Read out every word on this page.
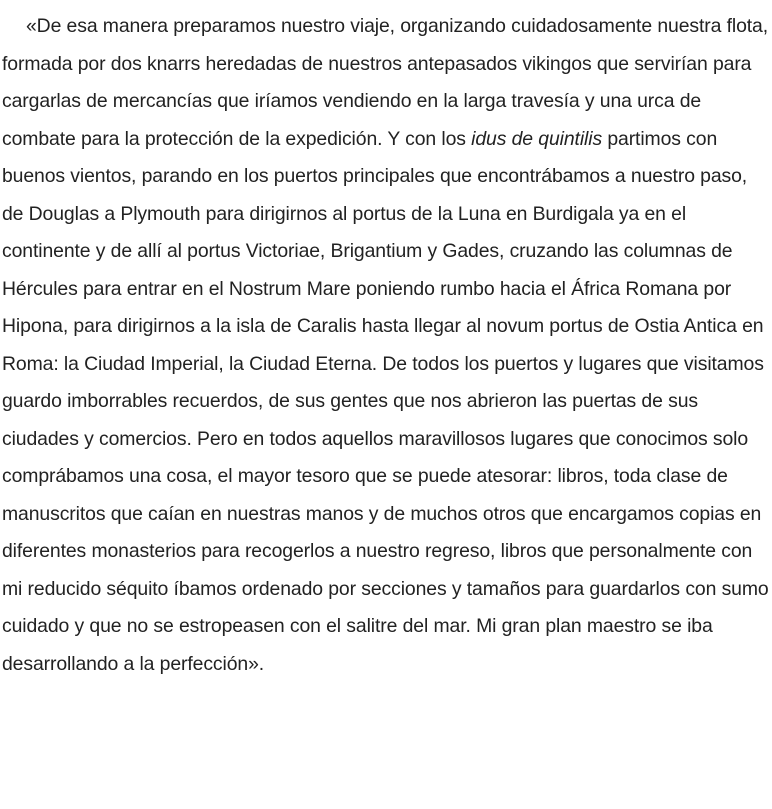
«De esa manera preparamos nuestro viaje, organizando cuidadosamente nuestra flota, formada por dos knarrs heredadas de nuestros antepasados vikingos que servirían para cargarlas de mercancías que iríamos vendiendo en la larga travesía y una urca de combate para la protección de la expedición. Y con los idus de quintilis partimos con buenos vientos, parando en los puertos principales que encontrábamos a nuestro paso, de Douglas a Plymouth para dirigirnos al portus de la Luna en Burdigala ya en el continente y de allí al portus Victoriae, Brigantium y Gades, cruzando las columnas de Hércules para entrar en el Nostrum Mare poniendo rumbo hacia el África Romana por Hipona, para dirigirnos a la isla de Caralis hasta llegar al novum portus de Ostia Antica en Roma: la Ciudad Imperial, la Ciudad Eterna. De todos los puertos y lugares que visitamos guardo imborrables recuerdos, de sus gentes que nos abrieron las puertas de sus ciudades y comercios. Pero en todos aquellos maravillosos lugares que conocimos solo comprábamos una cosa, el mayor tesoro que se puede atesorar: libros, toda clase de manuscritos que caían en nuestras manos y de muchos otros que encargamos copias en diferentes monasterios para recogerlos a nuestro regreso, libros que personalmente con mi reducido séquito íbamos ordenado por secciones y tamaños para guardarlos con sumo cuidado y que no se estropeasen con el salitre del mar. Mi gran plan maestro se iba desarrollando a la perfección».
